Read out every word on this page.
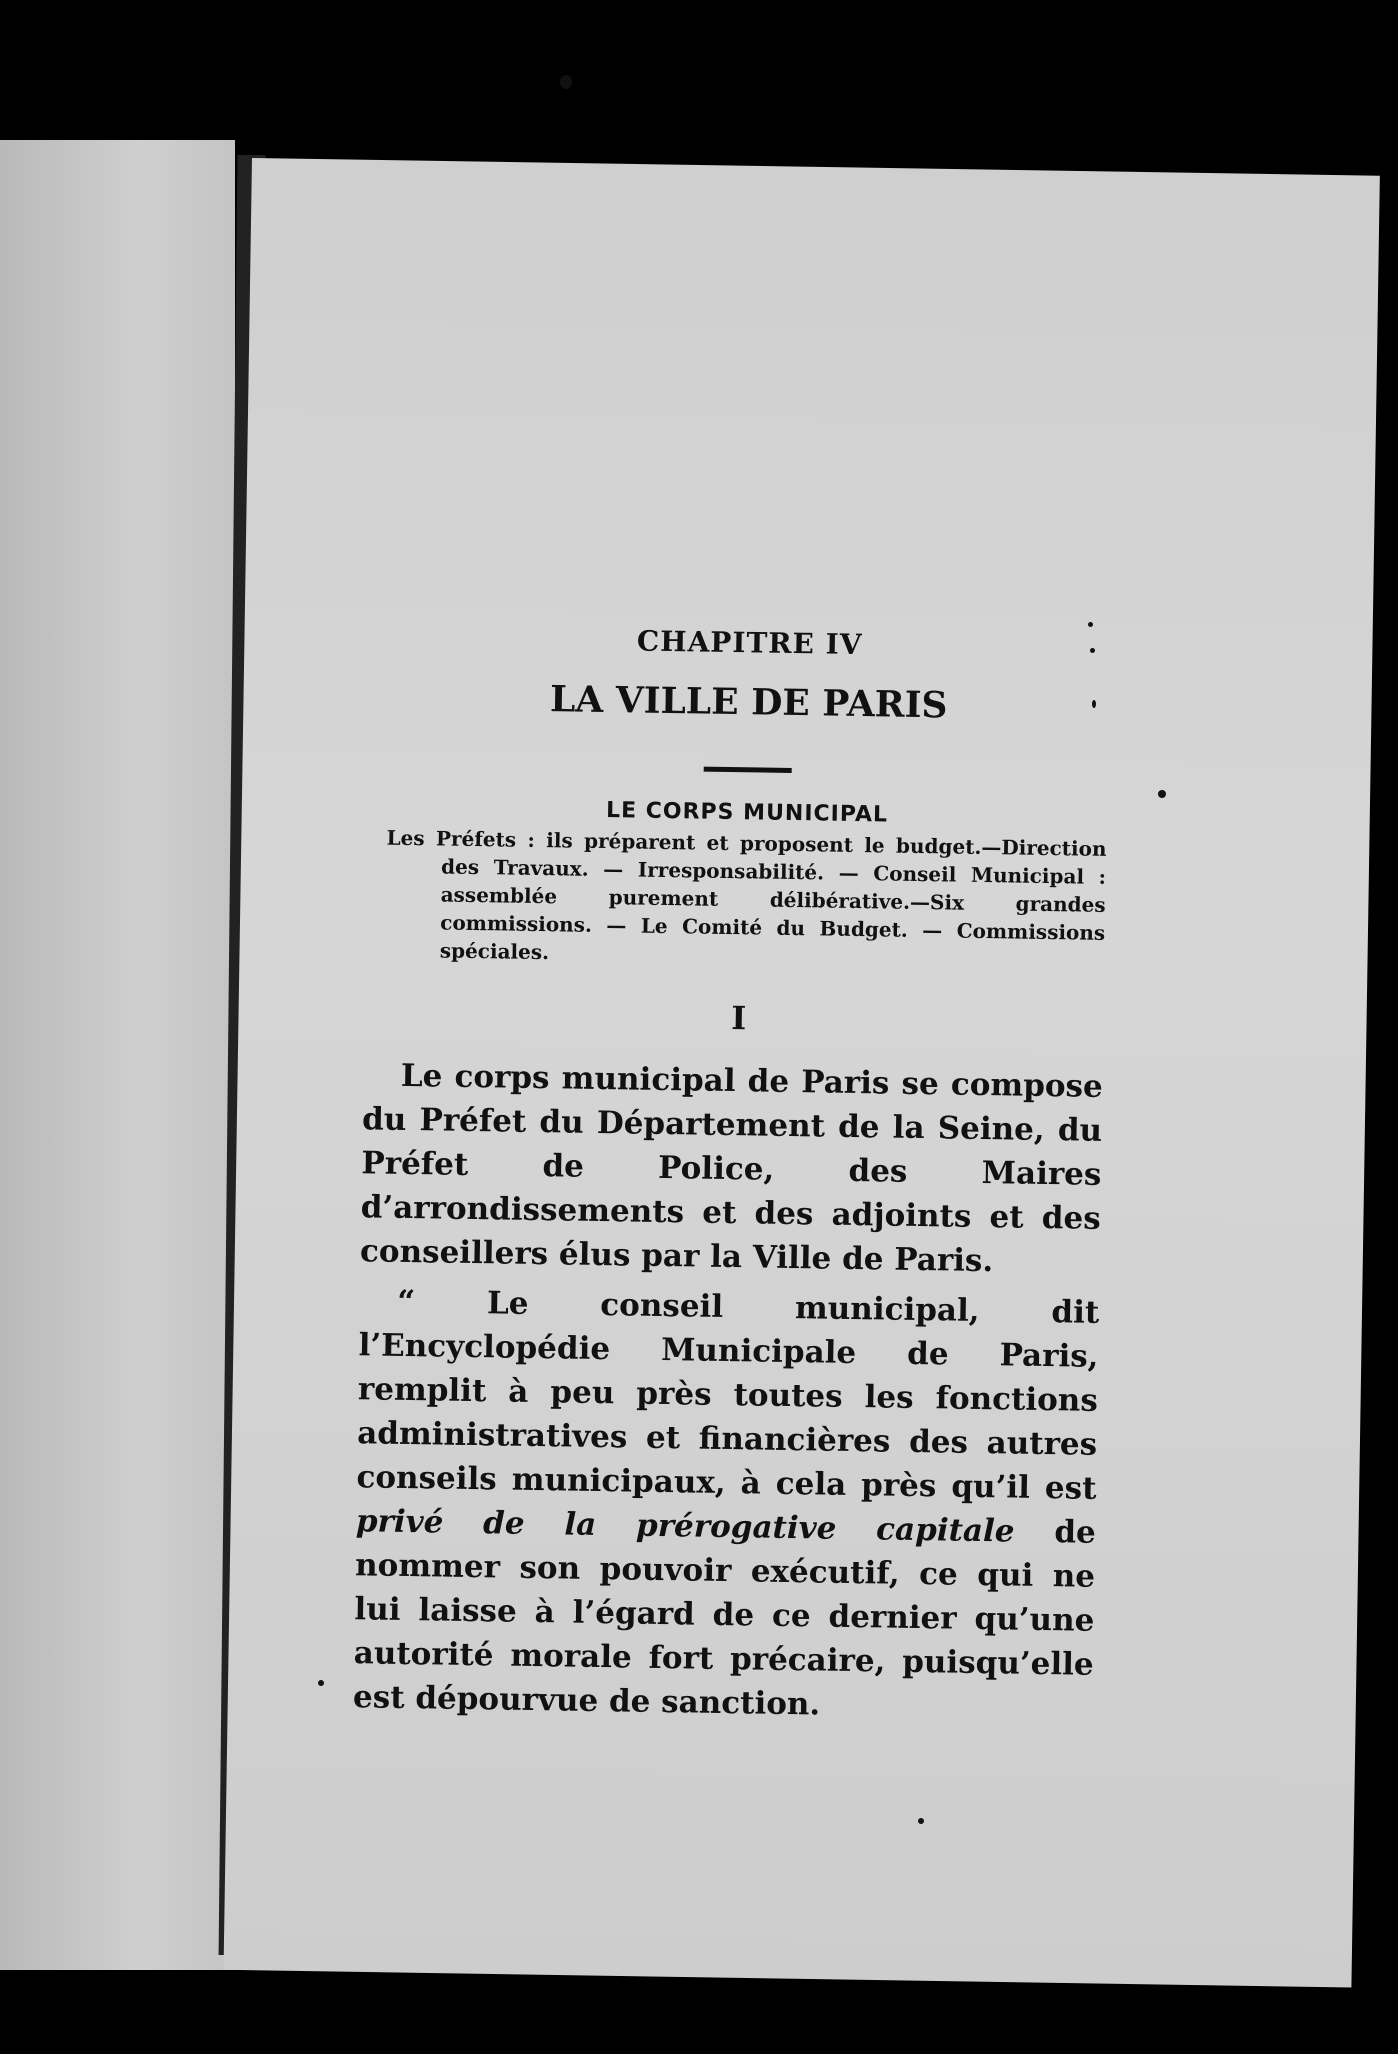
CHAPITRE IV
LA VILLE DE PARIS
LE CORPS MUNICIPAL
Les Préfets : ils préparent et proposent le budget.—Direction des Travaux. — Irresponsabilité. — Conseil Municipal : assemblée purement délibérative.—Six grandes commissions. — Le Comité du Budget. — Commissions spéciales.
I

Le corps municipal de Paris se compose du Préfet du Département de la Seine, du Préfet de Police, des Maires d’arrondissements et des adjoints et des conseillers élus par la Ville de Paris.

“ Le conseil municipal, dit l’Encyclopédie Municipale de Paris, remplit à peu près toutes les fonctions administratives et financières des autres conseils municipaux, à cela près qu’il est privé de la prérogative capitale de nommer son pouvoir exécutif, ce qui ne lui laisse à l’égard de ce dernier qu’une autorité morale fort précaire, puisqu’elle est dépourvue de sanction.
